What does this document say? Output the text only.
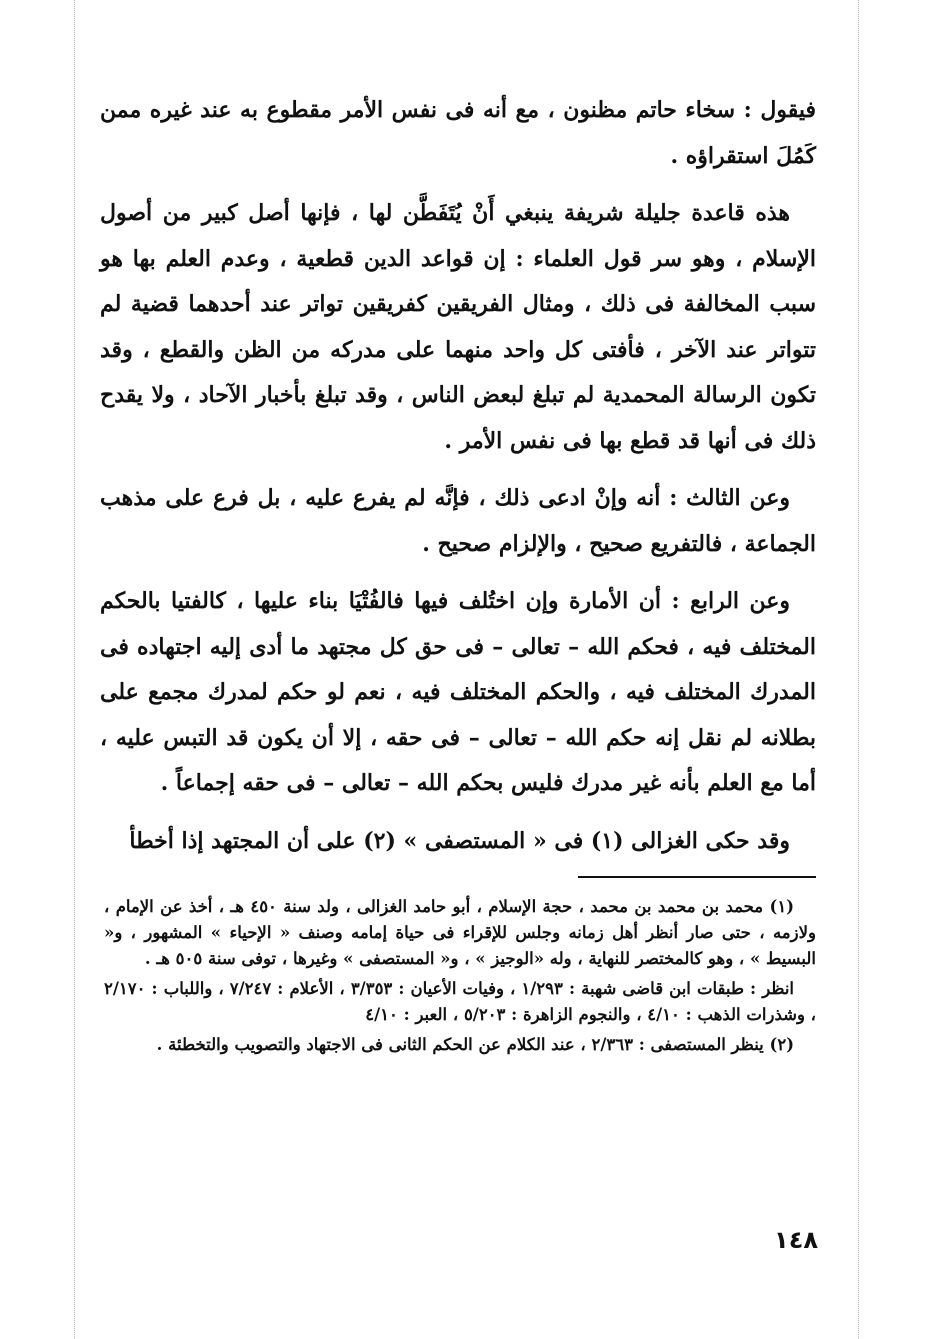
فيقول : سخاء حاتم مظنون ، مع أنه فى نفس الأمر مقطوع به عند غيره ممن كَمُلَ استقراؤه .

هذه قاعدة جليلة شريفة ينبغي أَنْ يُتَفَطَّن لها ، فإنها أصل كبير من أصول الإسلام ، وهو سر قول العلماء : إن قواعد الدين قطعية ، وعدم العلم بها هو سبب المخالفة فى ذلك ، ومثال الفريقين كفريقين تواتر عند أحدهما قضية لم تتواتر عند الآخر ، فأفتى كل واحد منهما على مدركه من الظن والقطع ، وقد تكون الرسالة المحمدية لم تبلغ لبعض الناس ، وقد تبلغ بأخبار الآحاد ، ولا يقدح ذلك فى أنها قد قطع بها فى نفس الأمر .

وعن الثالث : أنه وإنْ ادعى ذلك ، فإنَّه لم يفرع عليه ، بل فرع على مذهب الجماعة ، فالتفريع صحيح ، والإلزام صحيح .

وعن الرابع : أن الأمارة وإن اختُلف فيها فالفُتْيَا بناء عليها ، كالفتيا بالحكم المختلف فيه ، فحكم الله – تعالى – فى حق كل مجتهد ما أدى إليه اجتهاده فى المدرك المختلف فيه ، والحكم المختلف فيه ، نعم لو حكم لمدرك مجمع على بطلانه لم نقل إنه حكم الله – تعالى – فى حقه ، إلا أن يكون قد التبس عليه ، أما مع العلم بأنه غير مدرك فليس بحكم الله – تعالى – فى حقه إجماعاً .

وقد حكى الغزالى (١) فى « المستصفى » (٢) على أن المجتهد إذا أخطأ

(١) محمد بن محمد بن محمد ، حجة الإسلام ، أبو حامد الغزالى ، ولد سنة ٤٥٠ هـ ، أخذ عن الإمام ، ولازمه ، حتى صار أنظر أهل زمانه وجلس للإقراء فى حياة إمامه وصنف « الإحياء » المشهور ، و« البسيط » ، وهو كالمختصر للنهاية ، وله «الوجيز » ، و« المستصفى » وغيرها ، توفى سنة ٥٠٥ هـ .

انظر : طبقات ابن قاضى شهبة : ١/٢٩٣ ، وفيات الأعيان : ٣/٣٥٣ ، الأعلام : ٧/٢٤٧ ، واللباب : ٢/١٧٠ ، وشذرات الذهب : ٤/١٠ ، والنجوم الزاهرة : ٥/٢٠٣ ، العبر : ٤/١٠

(٢) ينظر المستصفى : ٢/٣٦٣ ، عند الكلام عن الحكم الثانى فى الاجتهاد والتصويب والتخطئة .

١٤٨
